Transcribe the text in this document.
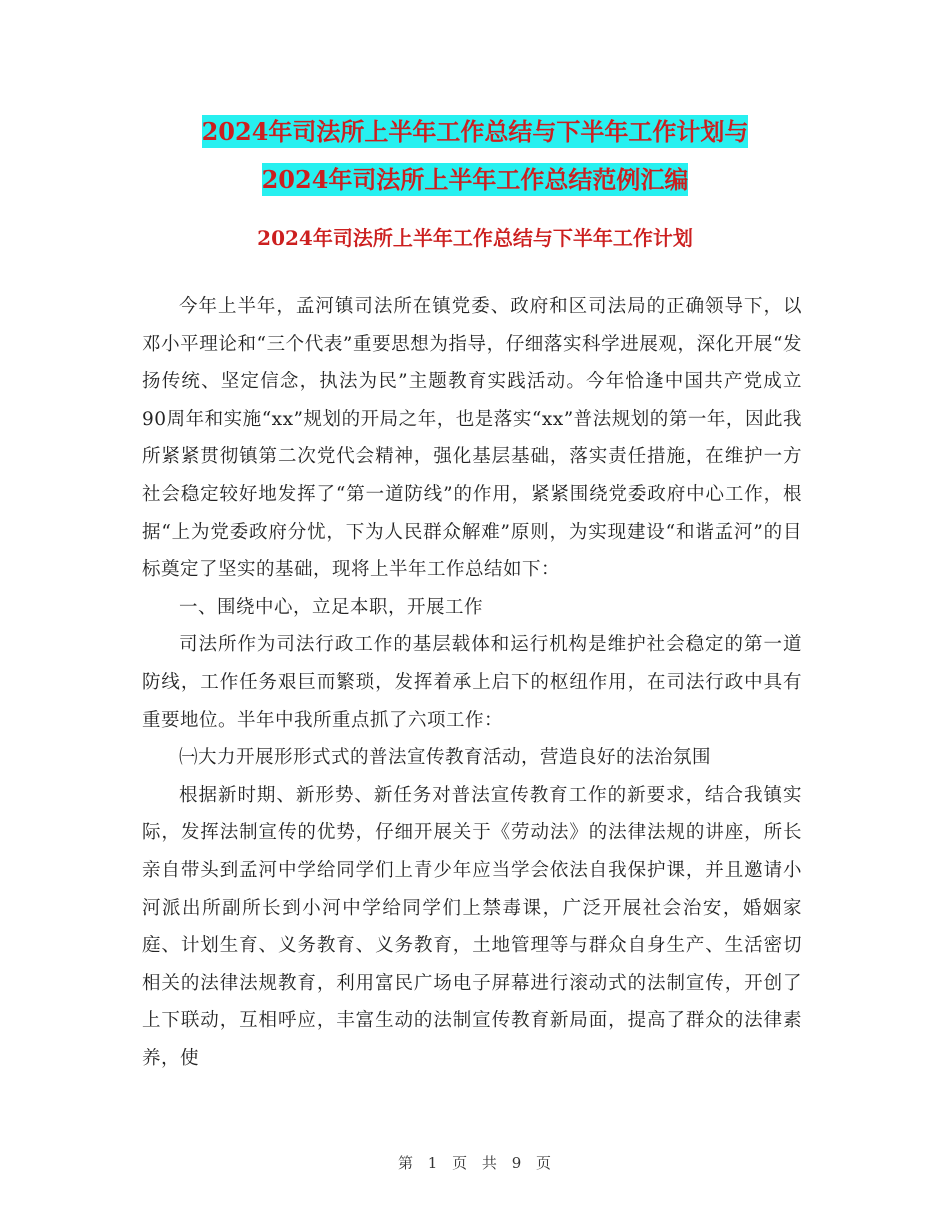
2024年司法所上半年工作总结与下半年工作计划与
2024年司法所上半年工作总结范例汇编
2024年司法所上半年工作总结与下半年工作计划

今年上半年，孟河镇司法所在镇党委、政府和区司法局的正确领导下，以邓小平理论和“三个代表”重要思想为指导，仔细落实科学进展观，深化开展“发扬传统、坚定信念，执法为民”主题教育实践活动。今年恰逢中国共产党成立90周年和实施“xx”规划的开局之年，也是落实“xx”普法规划的第一年，因此我所紧紧贯彻镇第二次党代会精神，强化基层基础，落实责任措施，在维护一方社会稳定较好地发挥了“第一道防线”的作用，紧紧围绕党委政府中心工作，根据“上为党委政府分忧，下为人民群众解难”原则，为实现建设“和谐孟河”的目标奠定了坚实的基础，现将上半年工作总结如下：

一、围绕中心，立足本职，开展工作

司法所作为司法行政工作的基层载体和运行机构是维护社会稳定的第一道防线，工作任务艰巨而繁琐，发挥着承上启下的枢纽作用，在司法行政中具有重要地位。半年中我所重点抓了六项工作：

㈠大力开展形形式式的普法宣传教育活动，营造良好的法治氛围

根据新时期、新形势、新任务对普法宣传教育工作的新要求，结合我镇实际，发挥法制宣传的优势，仔细开展关于《劳动法》的法律法规的讲座，所长亲自带头到孟河中学给同学们上青少年应当学会依法自我保护课，并且邀请小河派出所副所长到小河中学给同学们上禁毒课，广泛开展社会治安，婚姻家庭、计划生育、义务教育、义务教育，土地管理等与群众自身生产、生活密切相关的法律法规教育，利用富民广场电子屏幕进行滚动式的法制宣传，开创了上下联动，互相呼应，丰富生动的法制宣传教育新局面，提高了群众的法律素养，使

第 1 页 共 9 页
